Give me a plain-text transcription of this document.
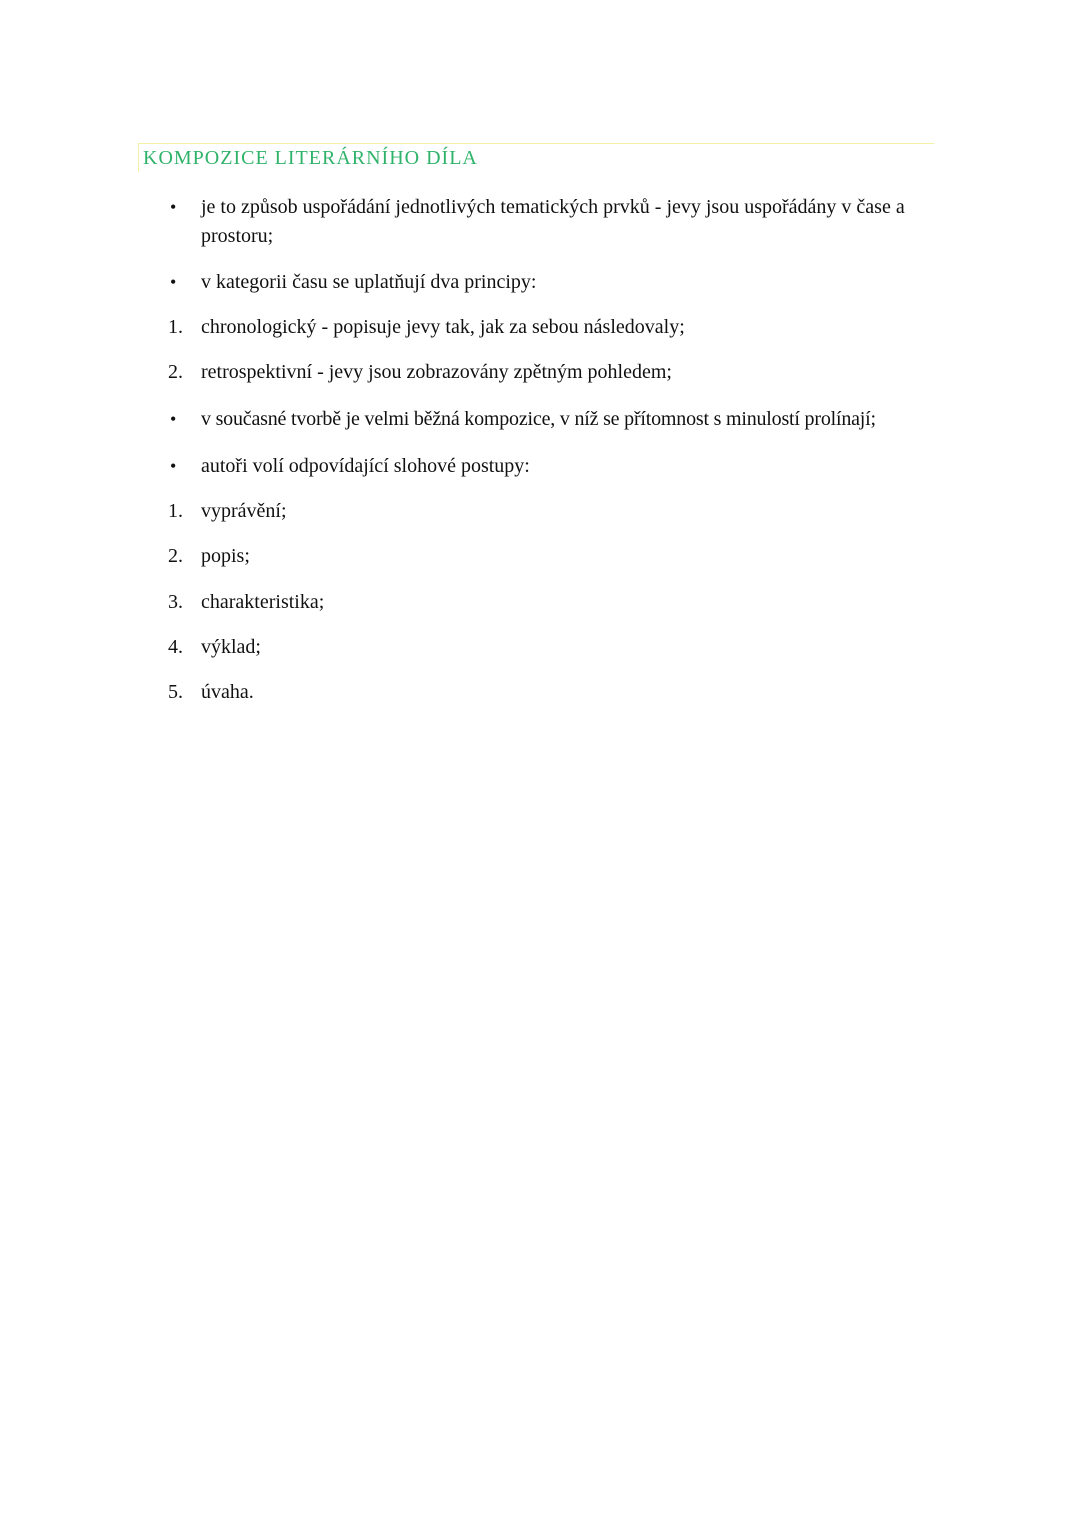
KOMPOZICE LITERÁRNÍHO DÍLA
•	je to způsob uspořádání jednotlivých tematických prvků - jevy jsou uspořádány v čase a prostoru;
•	v kategorii času se uplatňují dva principy:
1. chronologický - popisuje jevy tak, jak za sebou následovaly;
2. retrospektivní - jevy jsou zobrazovány zpětným pohledem;
•	v současné tvorbě je velmi běžná kompozice, v níž se přítomnost s minulostí prolínají;
•	autoři volí odpovídající slohové postupy:
1. vyprávění;
2. popis;
3. charakteristika;
4. výklad;
5. úvaha.
